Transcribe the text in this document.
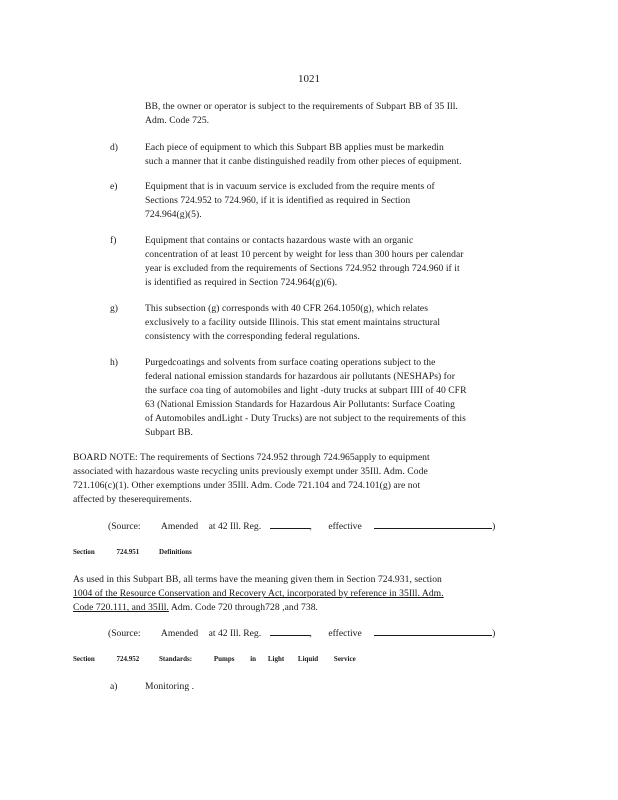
1021
BB, the owner or operator is subject to the requirements of Subpart BB of 35 Ill.
Adm. Code 725.
d)	Each piece of equipment to which this Subpart BB applies must be markedin
such a manner that it canbe distinguished readily from other pieces of equipment.
e)	Equipment that is in vacuum service is excluded from the require ments of
Sections 724.952 to 724.960, if it is identified as required in Section
724.964(g)(5).
f)	Equipment that contains or contacts hazardous waste with an organic
concentration of at least 10 percent by weight for less than 300 hours per calendar
year is excluded from the requirements of Sections 724.952 through 724.960 if it
is identified as required in Section 724.964(g)(6).
g)	This subsection (g) corresponds with 40 CFR 264.1050(g), which relates
exclusively to a facility outside Illinois. This stat ement maintains structural
consistency with the corresponding federal regulations.
h)	Purgedcoatings and solvents from surface coating operations subject to the
federal national emission standards for hazardous air pollutants (NESHAPs) for
the surface coa ting of automobiles and light -duty trucks at subpart IIII of 40 CFR
63 (National Emission Standards for Hazardous Air Pollutants: Surface Coating
of Automobiles andLight - Duty Trucks) are not subject to the requirements of this
Subpart BB.
BOARD NOTE: The requirements of Sections 724.952 through 724.965apply to equipment
associated with hazardous waste recycling units previously exempt under 35Ill. Adm. Code
721.106(c)(1). Other exemptions under 35Ill. Adm. Code 721.104 and 724.101(g) are not
affected by theserequirements.
(Source: Amended at 42 Ill. Reg.	, effective	)
Section	724.951	Definitions
As used in this Subpart BB, all terms have the meaning given them in Section 724.931, section
1004 of the Resource Conservation and Recovery Act, incorporated by reference in 35Ill. Adm.
Code 720.111, and 35Ill. Adm. Code 720 through728 ,and 738.
(Source: Amended at 42 Ill. Reg.	, effective	)
Section	724.952	Standards:	Pumps in Light Liquid Service
a)	Monitoring .
